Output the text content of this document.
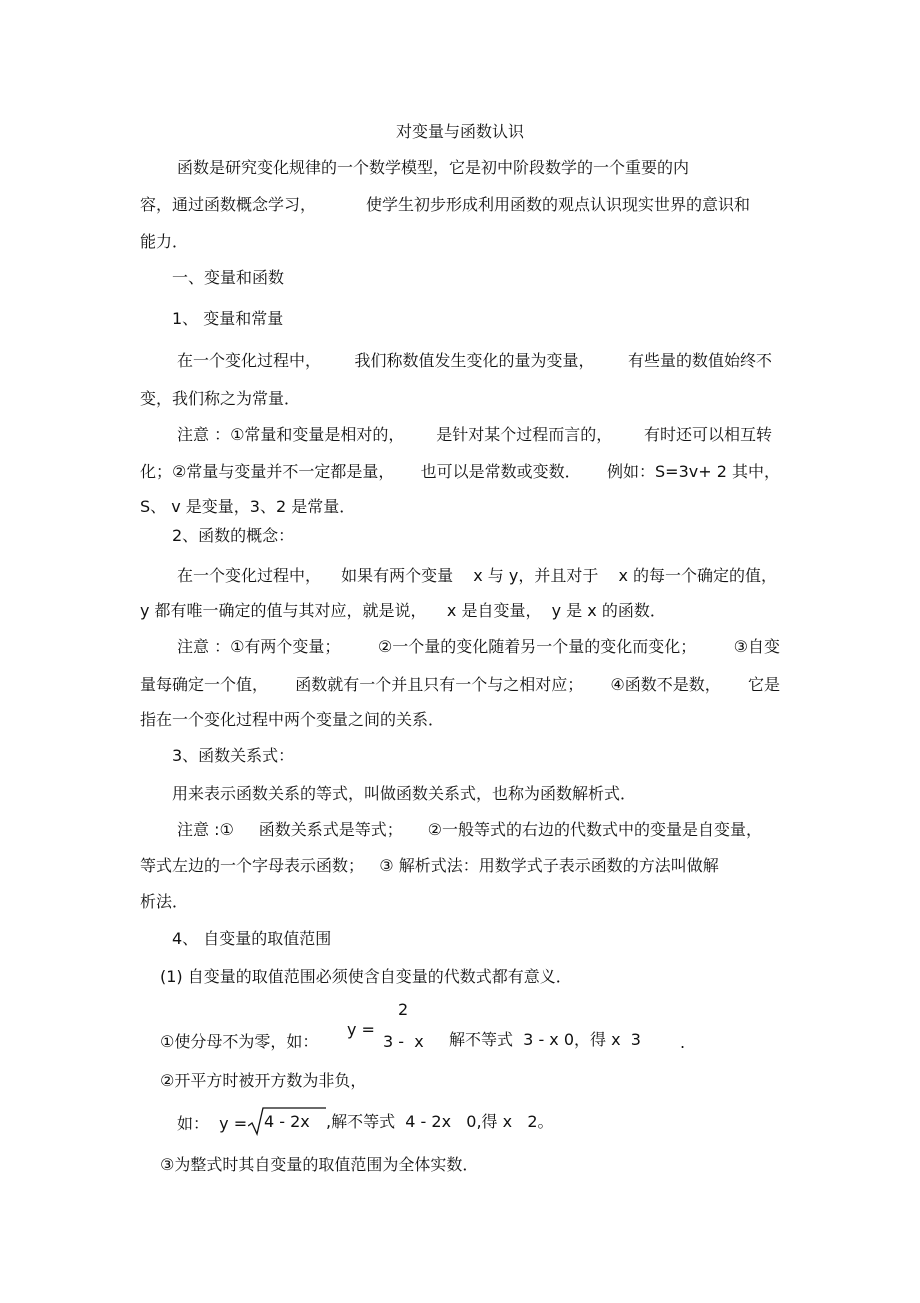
对变量与函数认识
函数是研究变化规律的一个数学模型，它是初中阶段数学的一个重要的内
容，通过函数概念学习，	使学生初步形成利用函数的观点认识现实世界的意识和
能力．
一、变量和函数
1、 变量和常量
在一个变化过程中， 我们称数值发生变化的量为变量， 有些量的数值始终不
变，我们称之为常量．
注意 ：①常量和变量是相对的， 是针对某个过程而言的， 有时还可以相互转
化；②常量与变量并不一定都是量， 也可以是常数或变数． 例如：S=3v+ 2 其中，
S、 v 是变量，3、2 是常量．
2、函数的概念：
在一个变化过程中， 如果有两个变量 x 与 y，并且对于 x 的每一个确定的值，
y 都有唯一确定的值与其对应，就是说，    x 是自变量，  y 是 x 的函数．
注意 ：①有两个变量； ②一个量的变化随着另一个量的变化而变化； ③自变
量每确定一个值， 函数就有一个并且只有一个与之相对应； ④函数不是数， 它是
指在一个变化过程中两个变量之间的关系．
3、函数关系式：
用来表示函数关系的等式，叫做函数关系式，也称为函数解析式．
注意 :① 函数关系式是等式； ②一般等式的右边的代数式中的变量是自变量，
等式左边的一个字母表示函数；   ③ 解析式法：用数学式子表示函数的方法叫做解
析法．
4、 自变量的取值范围
(1) 自变量的取值范围必须使含自变量的代数式都有意义．
①使分母不为零，如：
y =
2
3 -  x 解不等式  3 - x 0，得 x  3 .
②开平方时被开方数为非负，
如：  y = 4 - 2x ,解不等式  4 - 2x   0,得 x   2。
③为整式时其自变量的取值范围为全体实数．
